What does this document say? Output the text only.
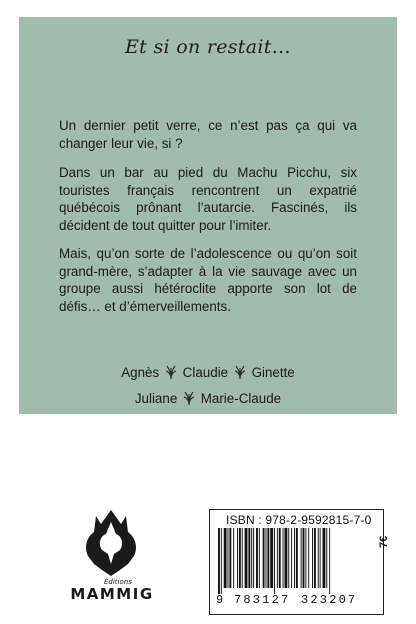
Et si on restait…

Un dernier petit verre, ce n’est pas ça qui va changer leur vie, si ?

Dans un bar au pied du Machu Picchu, six touristes français rencontrent un expatrié québécois prônant l’autarcie. Fascinés, ils décident de tout quitter pour l’imiter.

Mais, qu’on sorte de l’adolescence ou qu’on soit grand-mère, s’adapter à la vie sauvage avec un groupe aussi hétéroclite apporte son lot de défis… et d’émerveillements.

Agnès Claudie Ginette
Juliane Marie-Claude
Éditions
MAMMIG
ISBN : 978-2-9592815-7-0
7€
9 783127 323207
